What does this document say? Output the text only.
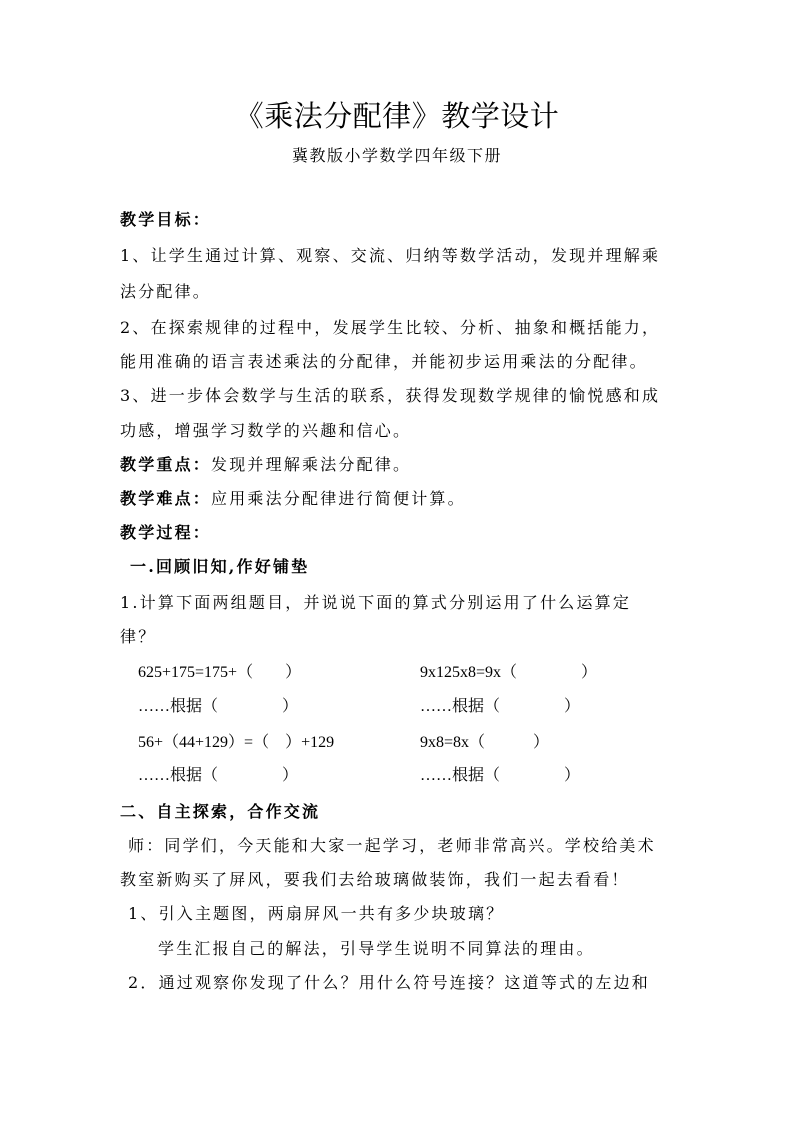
《乘法分配律》教学设计
冀教版小学数学四年级下册
教学目标：
1、让学生通过计算、观察、交流、归纳等数学活动，发现并理解乘
法分配律。
2、在探索规律的过程中，发展学生比较、分析、抽象和概括能力，
能用准确的语言表述乘法的分配律，并能初步运用乘法的分配律。
3、进一步体会数学与生活的联系，获得发现数学规律的愉悦感和成
功感，增强学习数学的兴趣和信心。
教学重点：发现并理解乘法分配律。
教学难点：应用乘法分配律进行简便计算。
教学过程：
一.回顾旧知,作好铺垫
1.计算下面两组题目，并说说下面的算式分别运用了什么运算定
律？
625+175=175+（　　）	9x125x8=9x（　　　　）
……根据（　　　　）	……根据（　　　　）
56+（44+129）=（　）+129	9x8=8x（　　　）
……根据（　　　　）	……根据（　　　　）
二、自主探索，合作交流
师：同学们，今天能和大家一起学习，老师非常高兴。学校给美术
教室新购买了屏风，要我们去给玻璃做装饰，我们一起去看看！
1、引入主题图，两扇屏风一共有多少块玻璃？
学生汇报自己的解法，引导学生说明不同算法的理由。
2．通过观察你发现了什么？用什么符号连接？这道等式的左边和
